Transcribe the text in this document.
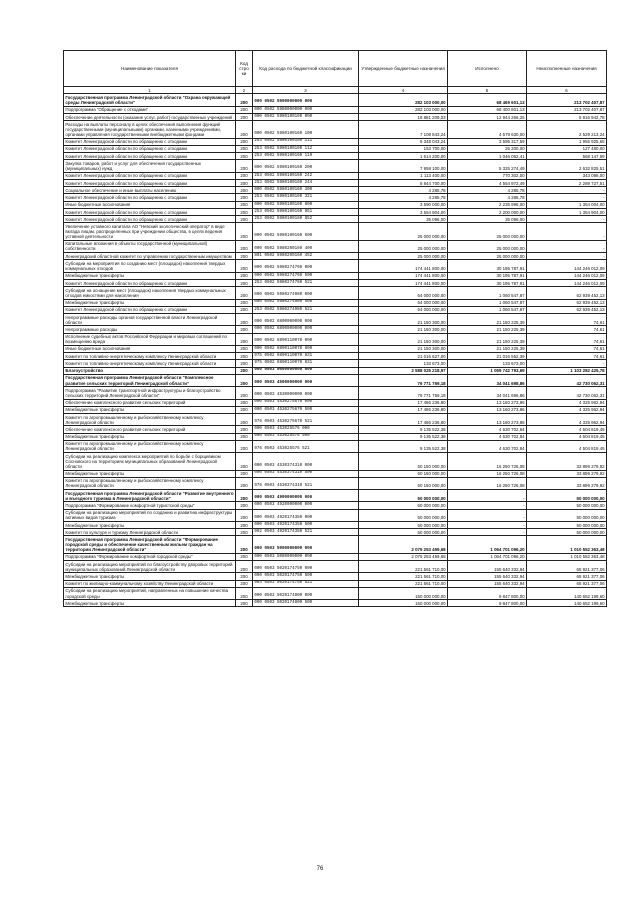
Наименование показателя	Код стро ки	Код расхода по бюджетной классификации	Утвержденные бюджетные назначения	Исполнено	Неисполненные назначения
1	2	3	4	5	6
Государственная программа Ленинградской области "Охрана окружающей среды Ленинградской области"	200	000 0502 5900000000 000	282 103 000,00	68 469 601,13	213 702 407,87
Подпрограмма "Обращение с отходами"	200	000 0502 5980000000 000	282 103 000,00	68 400 601,13	213 702 407,87
Обеспечение деятельности (оказание услуг, работ) государственных учреждений	200	000 0502 5980100160 000	18 881 209,03	12 944 266,25	5 916 942,78
Расходы на выплаты персоналу в целях обеспечения выполнения функций государственными (муниципальными) органами, казенными учреждениями, органами управления государственными внебюджетными фондами	200	000 0502 5980100160 100	7 108 843,24	4 579 630,00	2 529 213,24
Комитет Ленинградской области по обращению с отходами	200	253 0502 5980100160 111	5 348 043,24	3 595 317,59	1 955 925,65
Комитет Ленинградской области по обращению с отходами	200	253 0502 5980100160 112	153 700,00	26 200,00	127 480,00
Комитет Ленинградской области по обращению с отходами	200	253 0502 5980100160 119	1 614 200,00	1 046 052,41	568 147,59
Закупка товаров, работ и услуг для обеспечения государственных (муниципальных) нужд	200	000 0502 5980100160 200	7 958 100,00	5 325 274,49	2 632 825,51
Комитет Ленинградской области по обращению с отходами	200	253 0502 5980100160 242	1 113 400,00	770 302,00	343 098,00
Комитет Ленинградской области по обращению с отходами	200	253 0502 5980100160 244	6 844 700,00	4 554 972,49	2 289 727,51
Социальное обеспечение и иные выплаты населению	200	000 0502 5980100160 300	4 285,78	4 285,78	-
Комитет Ленинградской области по обращению с отходами	200	253 0502 5980100160 321	4 285,78	4 285,78	-
Иные бюджетные ассигнования	200	000 0502 5980100160 800	3 590 000,00	2 235 996,00	1 354 004,00
Комитет Ленинградской области по обращению с отходами	200	253 0502 5980100160 851	3 554 904,00	2 200 000,00	1 354 904,00
Комитет Ленинградской области по обращению с отходами	200	253 0502 5980100160 852	35 096,00	35 096,00	-
Увеличение уставного капитала АО "Невский экологический оператор" в виде вклада лицам, распределенных при учреждении общества, в целях ведения уставной деятельности	200	000 0502 5980100160 600	25 000 000,00	25 000 000,00	-
Капитальные вложения в объекты государственной (муниципальной) собственности	200	000 0502 5980200160 400	25 000 000,00	25 000 000,00	-
Ленинградский областной комитет по управлению государственным имуществом	200	801 0502 5980200160 452	25 000 000,00	25 000 000,00	-
Субсидии на мероприятия по созданию мест (площадок) накопления твердых коммунальных отходов	200	000 0502 5980274760 000	174 441 800,00	30 195 787,91	144 246 012,09
Межбюджетные трансферты	200	000 0502 5980274760 500	174 441 800,00	30 195 787,91	144 246 012,09
Комитет Ленинградской области по обращению с отходами	200	253 0502 5980274760 521	174 441 800,00	30 195 787,91	144 246 012,09
Субсидии на оснащение мест (площадок) накопления твердых коммунальных отходов емкостями для накопления	200	000 0502 5980274980 000	64 000 000,00	1 060 547,87	62 939 452,13
Межбюджетные трансферты	200	000 0502 5980274980 500	64 000 000,00	1 060 547,87	62 939 452,13
Комитет Ленинградской области по обращению с отходами	200	253 0502 5980274980 521	64 000 000,00	1 060 547,87	62 939 452,13
Непрограммные расходы органов государственной власти Ленинградской области	200	000 0502 6800000000 000	21 150 300,00	21 150 225,39	74,61
Непрограммные расходы	200	000 0502 6890000000 000	21 150 300,00	21 150 225,39	74,61
Исполнение судебных актов Российской Федерации и мировых соглашений по возмещению вреда	200	000 0502 6890110070 000	21 150 300,00	21 150 225,39	74,61
Иные бюджетные ассигнования	200	000 0502 6890110070 800	21 150 300,00	21 150 225,39	74,61
Комитет по топливно-энергетическому комплексу Ленинградской области	200	975 0502 6890110070 831	21 016 627,00	21 016 552,39	74,61
Комитет по топливно-энергетическому комплексу Ленинградской области	200	975 0502 6890110070 831	133 673,00	133 673,00	-
Благоустройство	200	000 0503 0000000000 000	2 588 025 218,97	1 059 742 793,69	1 103 282 425,78
Государственная программа Ленинградской области "Комплексное развитие сельских территорий Ленинградской области"	200	000 0503 4500000000 000	76 771 759,18	34 041 698,86	42 730 062,31
Подпрограмма "Развитие транспортной инфраструктуры и благоустройство сельских территорий Ленинградской области"	200	000 0503 4530000000 000	76 771 759,18	34 041 696,86	42 730 062,31
Обеспечение комплексного развития сельских территорий	200	000 0503 4530275670 000	17 486 236,80	13 160 273,86	4 325 962,94
Межбюджетные трансферты	200	000 0503 4530275670 500	17 486 236,80	13 160 273,86	4 325 962,94
Комитет по агропромышленному и рыбохозяйственному комплексу Ленинградской области	200	976 0503 4530275670 521	17 486 236,80	13 160 273,86	4 325 962,94
Обеспечение комплексного развития сельских территорий	200	000 0503 453025576 000	9 135 522,38	4 630 702,64	4 504 819,45
Межбюджетные трансферты	200	000 0503 453025576 500	9 135 522,38	4 630 702,84	4 504 819,45
Комитет по агропромышленному и рыбохозяйственному комплексу Ленинградской области	200	976 0503 453025576 521	9 135 522,38	4 630 702,84	4 504 819,45
Субсидии на реализацию комплекса мероприятий по борьбе с борщевиком Сосновского на территориях муниципальных образований Ленинградской области	200	000 0503 4530374310 000	50 150 000,00	16 250 726,08	33 899 279,92
Межбюджетные трансферты	200	000 0503 4530374310 500	50 150 000,00	16 250 726,08	33 899 279,92
Комитет по агропромышленному и рыбохозяйственному комплексу Ленинградской области	200	976 0503 4530374310 521	50 150 000,00	16 250 726,08	33 899 279,92
Государственная программа Ленинградской области "Развитие внутреннего и въездного туризма в Ленинградской области"	200	000 0503 4900000000 000	50 000 000,00	-	50 000 000,00
Подпрограмма "Формирование комфортной туристской среды"	200	000 0503 4920000000 000	50 000 000,00	-	50 000 000,00
Субсидии на реализацию мероприятий по созданию и развитию инфраструктуры активных видов туризма	200	000 0503 4920174350 000	50 000 000,00	-	50 000 000,00
Межбюджетные трансферты	200	000 0503 4920174350 500	50 000 000,00	-	50 000 000,00
Комитет по культуре и туризму Ленинградской области	200	902 0503 4920174350 521	50 000 000,00	-	50 000 000,00
Государственная программа Ленинградской области "Формирование городской среды и обеспечение качественным жильем граждан на территории Ленинградской области"	200	000 0503 5000000000 000	2 075 253 459,68	1 064 701 096,20	1 010 552 363,48
Подпрограмма "Формирование комфортной городской среды"	200	000 0503 5080000000 000	2 075 253 459,68	1 064 701 096,20	1 010 552 363,48
Субсидии на реализацию мероприятий по благоустройству дворовых территорий муниципальных образований Ленинградской области	200	000 0503 5020174750 000	221 561 710,00	155 640 332,94	65 921 377,06
Межбюджетные трансферты	200	000 0503 5020174750 500	221 561 710,00	155 640 332,94	65 921 377,06
Комитет по жилищно-коммунальному хозяйству Ленинградской области	200	984 0503 5020174750 521	221 561 710,00	155 640 332,94	65 921 377,06
Субсидии на реализацию мероприятий, направленных на повышение качества городской среды	200	000 0503 5020174800 000	150 000 000,00	9 847 800,00	140 652 199,60
Межбюджетные трансферты	200	000 0503 5020174800 500	150 000 000,00	9 847 800,00	140 652 199,60
76
